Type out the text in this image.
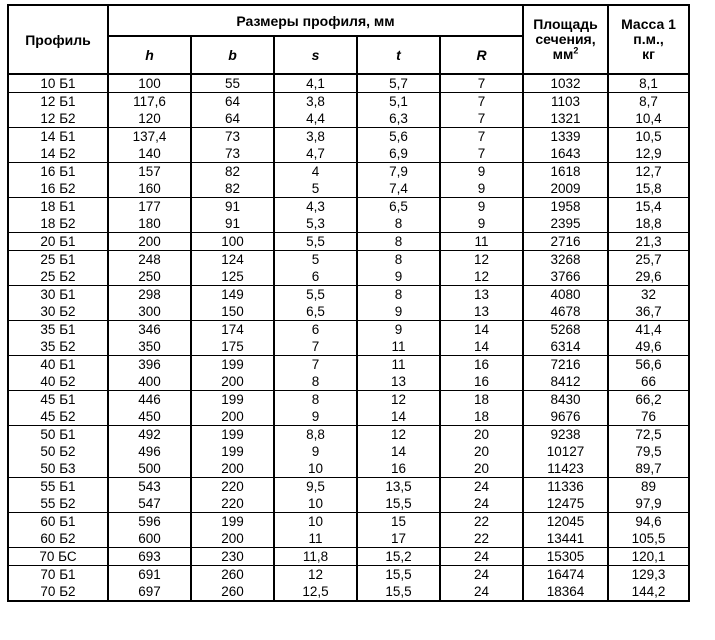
Профиль	Размеры профиля, мм					Площадь
сечения,
$мм^2$	Масса 1
п.м.,
кг
	h	b	s	t	R		
10 Б1	100	55	4,1	5,7	7	1032	8,1
12 Б1	117,6	64	3,8	5,1	7	1103	8,7
12 Б2	120	64	4,4	6,3	7	1321	10,4
14 Б1	137,4	73	3,8	5,6	7	1339	10,5
14 Б2	140	73	4,7	6,9	7	1643	12,9
16 Б1	157	82	4	7,9	9	1618	12,7
16 Б2	160	82	5	7,4	9	2009	15,8
18 Б1	177	91	4,3	6,5	9	1958	15,4
18 Б2	180	91	5,3	8	9	2395	18,8
20 Б1	200	100	5,5	8	11	2716	21,3
25 Б1	248	124	5	8	12	3268	25,7
25 Б2	250	125	6	9	12	3766	29,6
30 Б1	298	149	5,5	8	13	4080	32
30 Б2	300	150	6,5	9	13	4678	36,7
35 Б1	346	174	6	9	14	5268	41,4
35 Б2	350	175	7	11	14	6314	49,6
40 Б1	396	199	7	11	16	7216	56,6
40 Б2	400	200	8	13	16	8412	66
45 Б1	446	199	8	12	18	8430	66,2
45 Б2	450	200	9	14	18	9676	76
50 Б1	492	199	8,8	12	20	9238	72,5
50 Б2	496	199	9	14	20	10127	79,5
50 Б3	500	200	10	16	20	11423	89,7
55 Б1	543	220	9,5	13,5	24	11336	89
55 Б2	547	220	10	15,5	24	12475	97,9
60 Б1	596	199	10	15	22	12045	94,6
60 Б2	600	200	11	17	22	13441	105,5
70 БС	693	230	11,8	15,2	24	15305	120,1
70 Б1	691	260	12	15,5	24	16474	129,3
70 Б2	697	260	12,5	15,5	24	18364	144,2
